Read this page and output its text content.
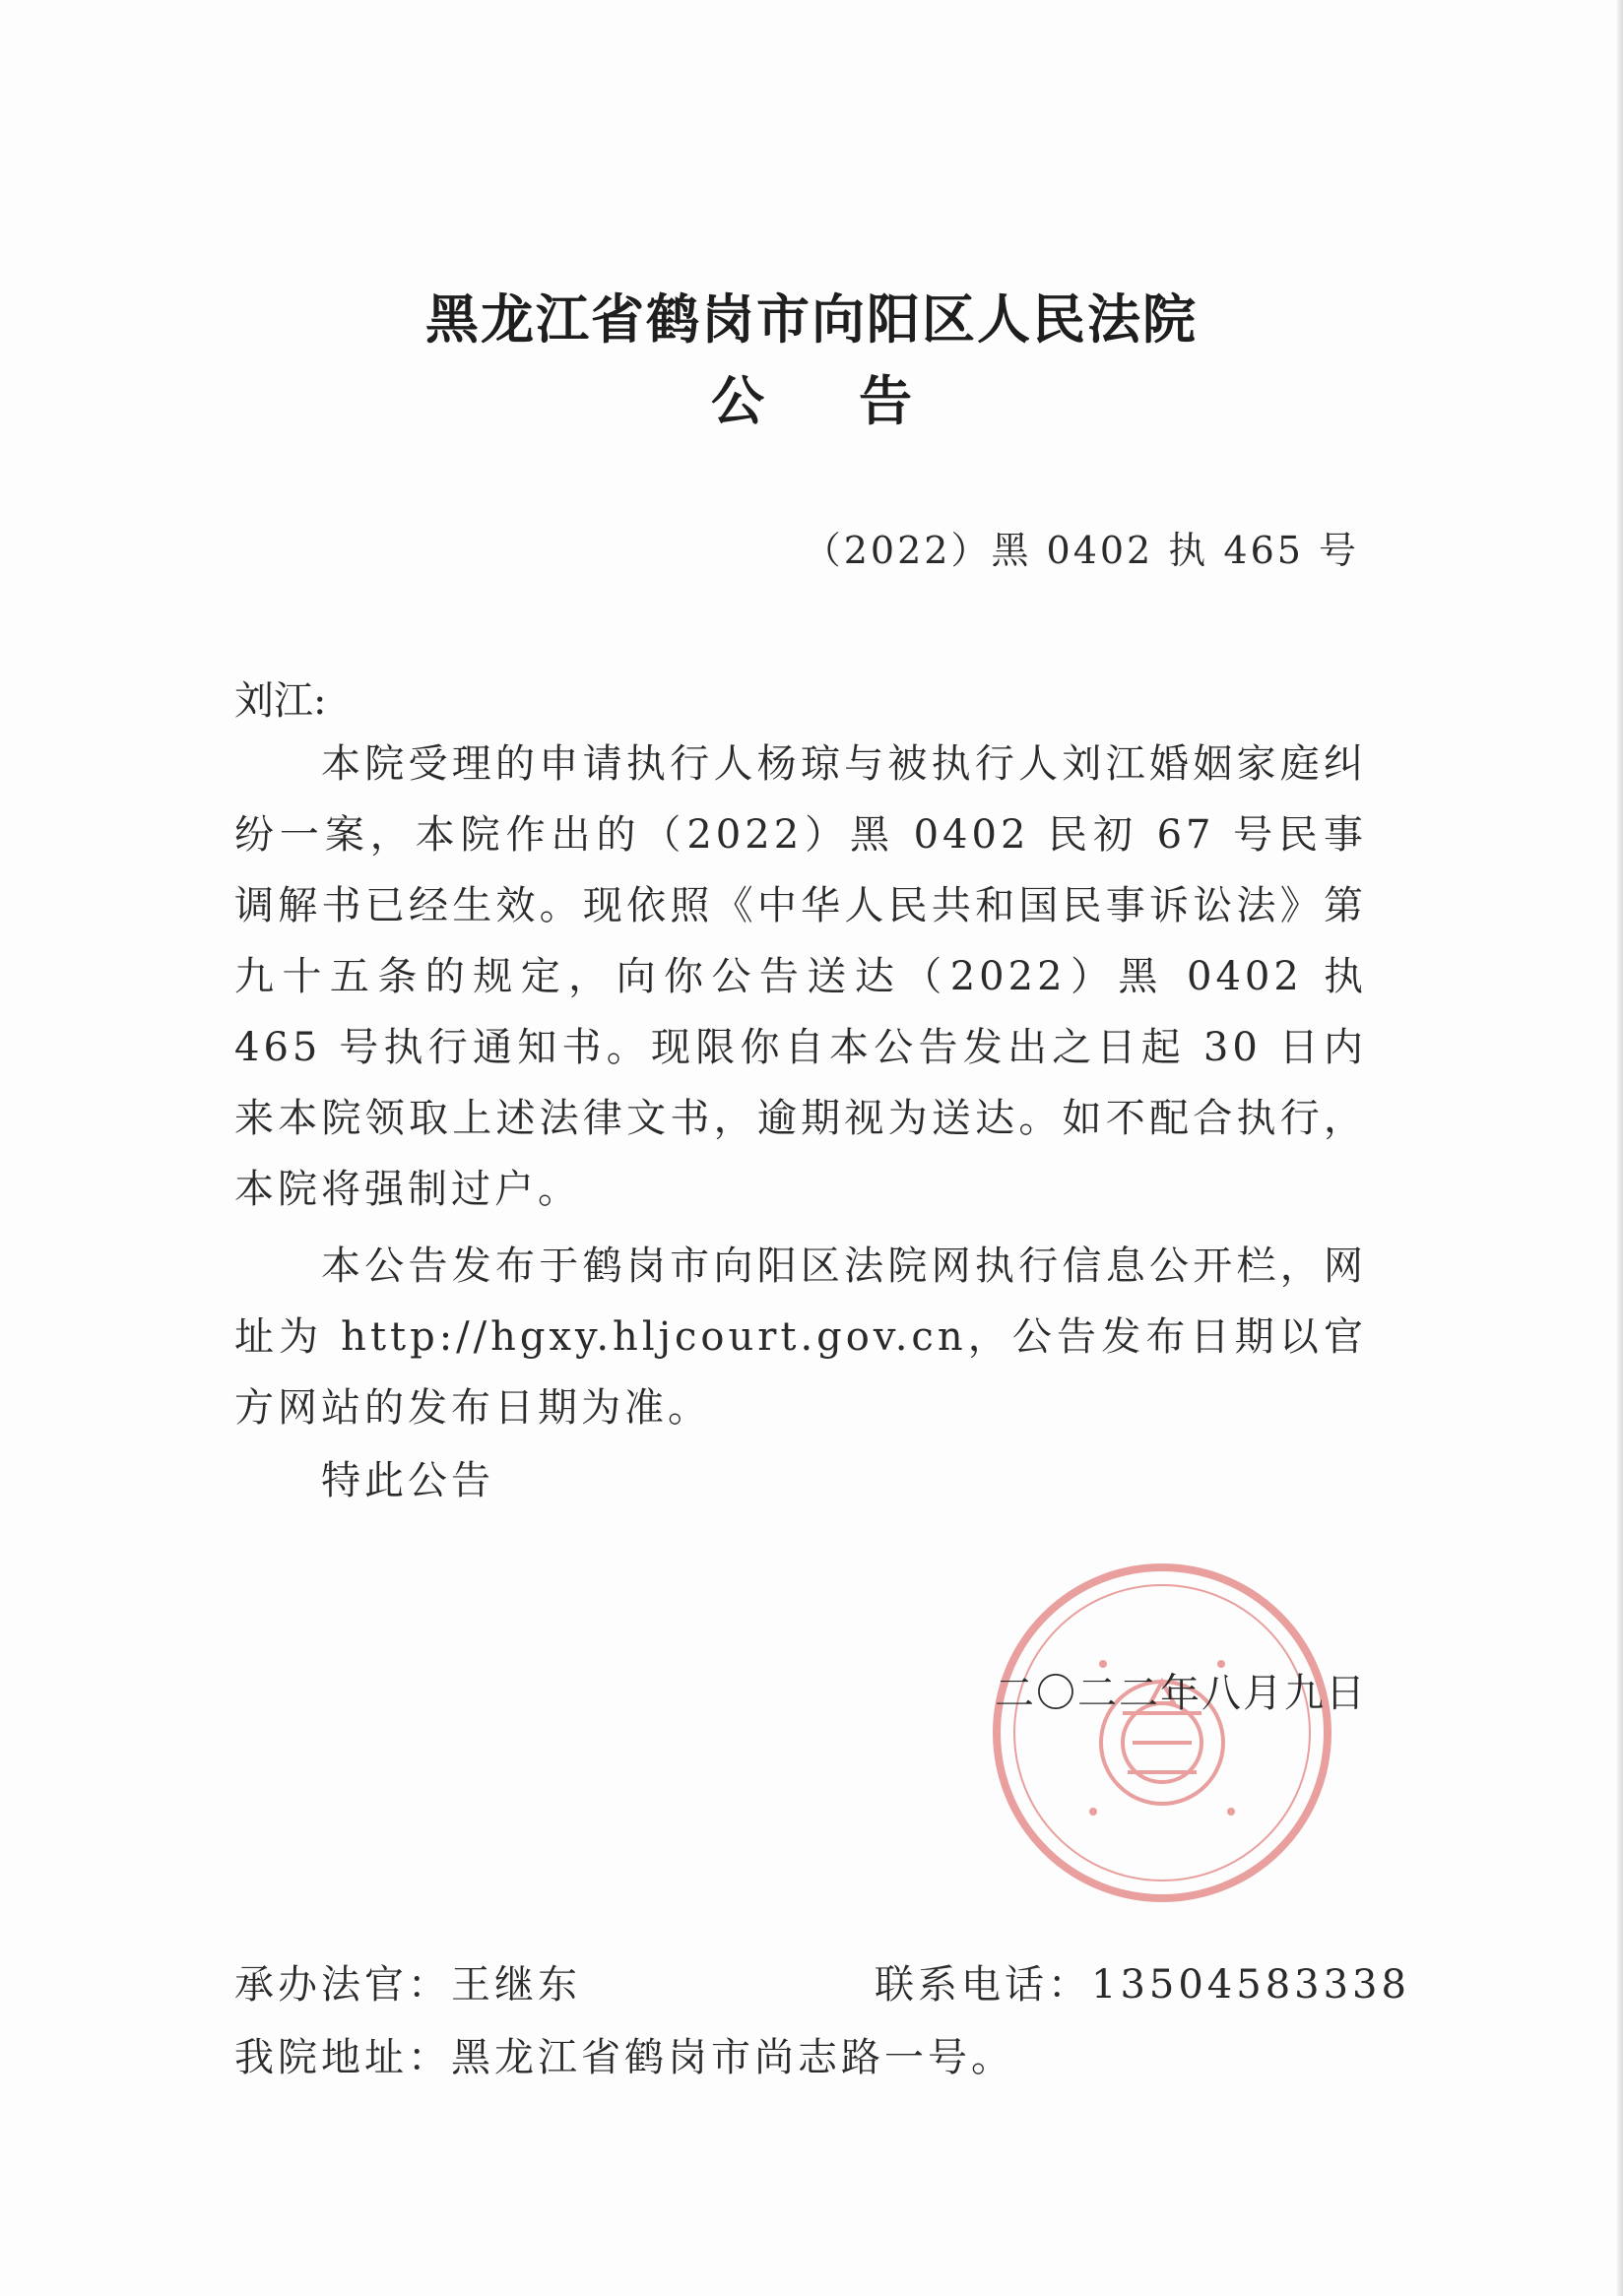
黑龙江省鹤岗市向阳区人民法院
公告
（2022）黑 0402 执 465 号
刘江:
本院受理的申请执行人杨琼与被执行人刘江婚姻家庭纠纷一案，本院作出的（2022）黑 0402 民初 67 号民事调解书已经生效。现依照《中华人民共和国民事诉讼法》第九十五条的规定，向你公告送达（2022）黑 0402 执 465 号执行通知书。现限你自本公告发出之日起 30 日内来本院领取上述法律文书，逾期视为送达。如不配合执行，本院将强制过户。
本公告发布于鹤岗市向阳区法院网执行信息公开栏，网址为 http://hgxy.hljcourt.gov.cn，公告发布日期以官方网站的发布日期为准。
特此公告
二〇二二年八月九日
承办法官：王继东	联系电话：13504583338
我院地址：黑龙江省鹤岗市尚志路一号。
